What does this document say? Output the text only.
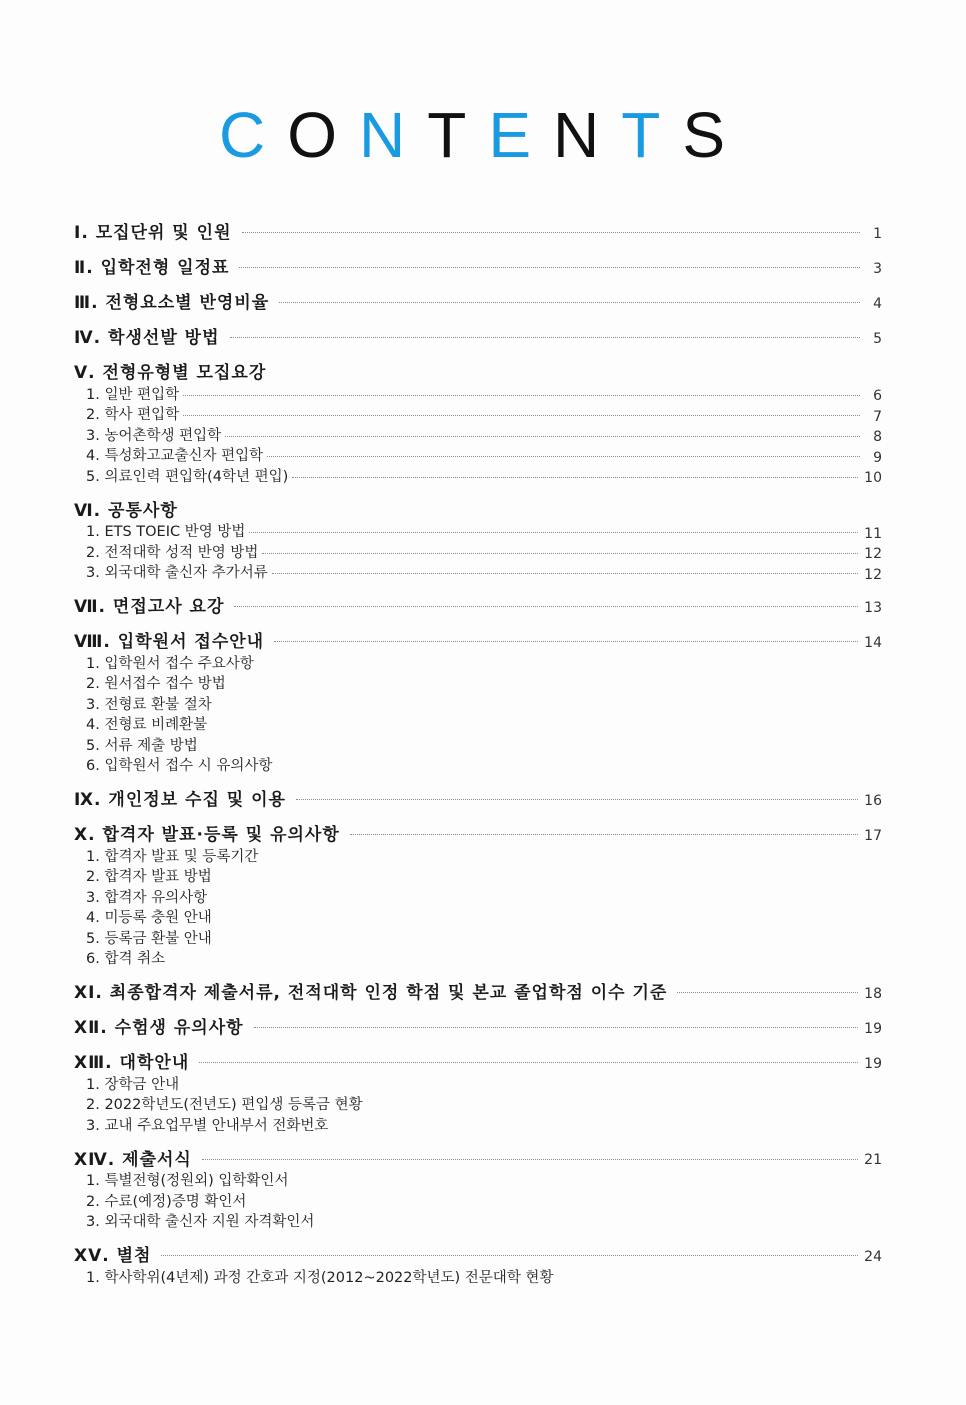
CONTENTS
Ⅰ. 모집단위 및 인원	1
Ⅱ. 입학전형 일정표	3
Ⅲ. 전형요소별 반영비율	4
Ⅳ. 학생선발 방법	5
Ⅴ. 전형유형별 모집요강
1. 일반 편입학	6
2. 학사 편입학	7
3. 농어촌학생 편입학	8
4. 특성화고교출신자 편입학	9
5. 의료인력 편입학(4학년 편입)	10
Ⅵ. 공통사항
1. ETS TOEIC 반영 방법	11
2. 전적대학 성적 반영 방법	12
3. 외국대학 출신자 추가서류	12
Ⅶ. 면접고사 요강	13
Ⅷ. 입학원서 접수안내	14
1. 입학원서 접수 주요사항
2. 원서접수 접수 방법
3. 전형료 환불 절차
4. 전형료 비례환불
5. 서류 제출 방법
6. 입학원서 접수 시 유의사항
Ⅸ. 개인정보 수집 및 이용	16
Ⅹ. 합격자 발표·등록 및 유의사항	17
1. 합격자 발표 및 등록기간
2. 합격자 발표 방법
3. 합격자 유의사항
4. 미등록 충원 안내
5. 등록금 환불 안내
6. 합격 취소
XⅠ. 최종합격자 제출서류, 전적대학 인정 학점 및 본교 졸업학점 이수 기준	18
XⅡ. 수험생 유의사항	19
XⅢ. 대학안내	19
1. 장학금 안내
2. 2022학년도(전년도) 편입생 등록금 현황
3. 교내 주요업무별 안내부서 전화번호
XⅣ. 제출서식	21
1. 특별전형(정원외) 입학확인서
2. 수료(예정)증명 확인서
3. 외국대학 출신자 지원 자격확인서
XⅤ. 별첨	24
1. 학사학위(4년제) 과정 간호과 지정(2012~2022학년도) 전문대학 현황
